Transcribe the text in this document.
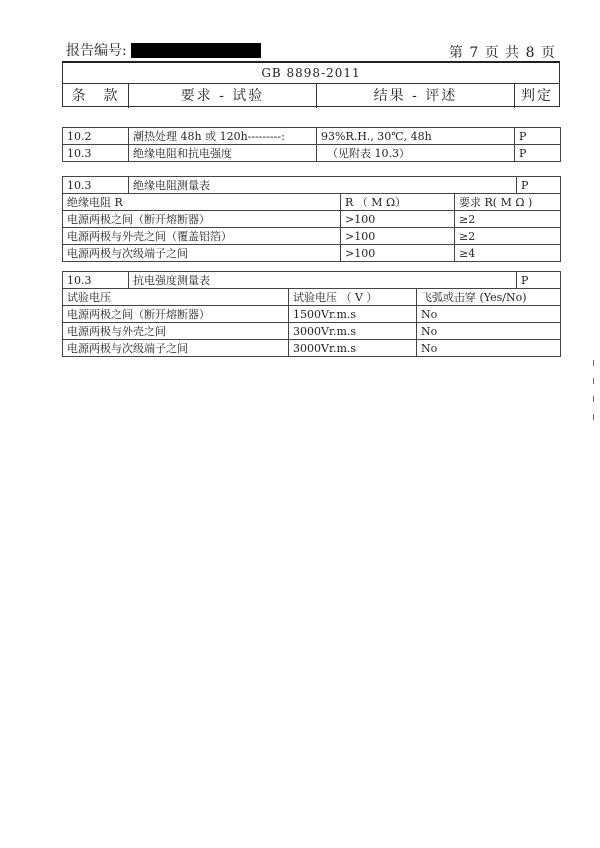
报告编号:	第 7 页 共 8 页
GB 8898-2011
条　款	要求 - 试验	结果 - 评述	判定
10.2	潮热处理 48h 或 120h---------:	93%R.H., 30℃, 48h	P
10.3	绝缘电阻和抗电强度	（见附表 10.3）	P
10.3	绝缘电阻测量表			P
绝缘电阻 R		R （ M Ω）	要求 R( M Ω )	
电源两极之间（断开熔断器）		>100	≥2	
电源两极与外壳之间（覆盖铝箔）		>100	≥2	
电源两极与次级端子之间		>100	≥4	
10.3	抗电强度测量表			P
试验电压		试验电压 （ V ）	飞弧或击穿 (Yes/No)	
电源两极之间（断开熔断器）		1500Vr.m.s	No	
电源两极与外壳之间		3000Vr.m.s	No	
电源两极与次级端子之间		3000Vr.m.s	No	
